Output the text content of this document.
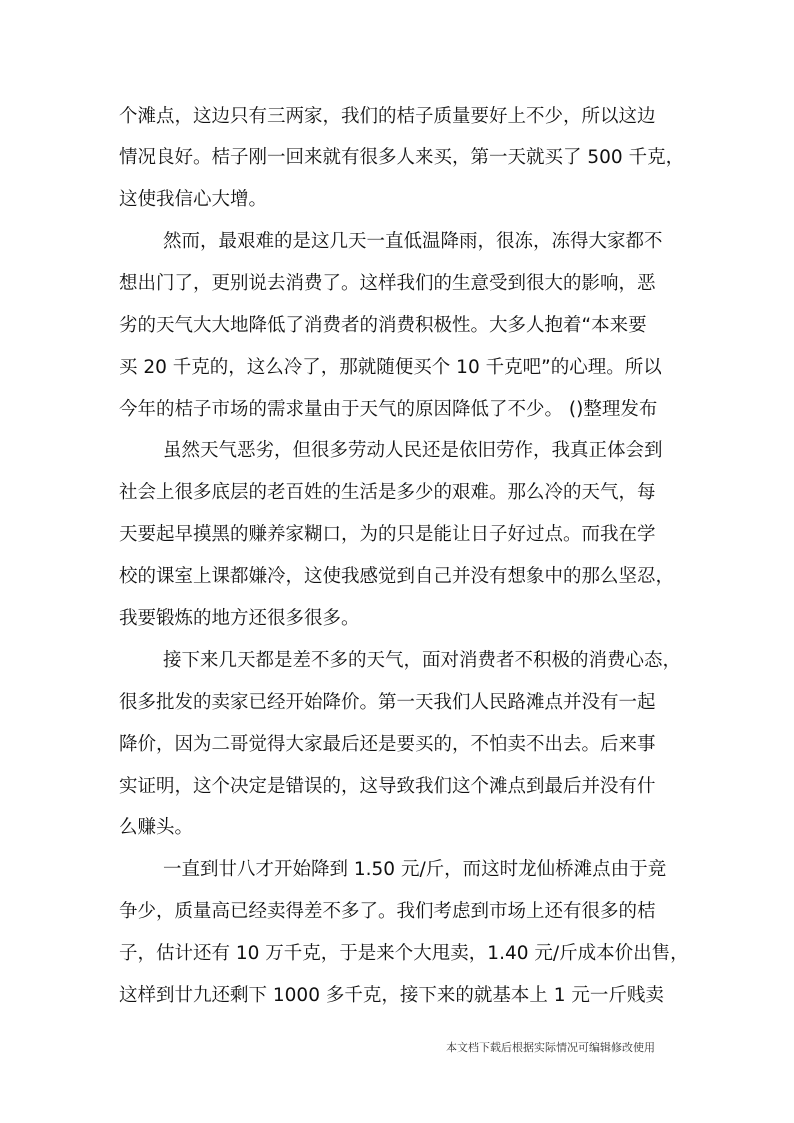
个滩点，这边只有三两家，我们的桔子质量要好上不少，所以这边
情况良好。桔子刚一回来就有很多人来买，第一天就买了 500 千克，
这使我信心大增。
然而，最艰难的是这几天一直低温降雨，很冻，冻得大家都不
想出门了，更别说去消费了。这样我们的生意受到很大的影响，恶
劣的天气大大地降低了消费者的消费积极性。大多人抱着“本来要
买 20 千克的，这么冷了，那就随便买个 10 千克吧”的心理。所以
今年的桔子市场的需求量由于天气的原因降低了不少。 ()整理发布
虽然天气恶劣，但很多劳动人民还是依旧劳作，我真正体会到
社会上很多底层的老百姓的生活是多少的艰难。那么冷的天气，每
天要起早摸黑的赚养家糊口，为的只是能让日子好过点。而我在学
校的课室上课都嫌冷，这使我感觉到自己并没有想象中的那么坚忍，
我要锻炼的地方还很多很多。
接下来几天都是差不多的天气，面对消费者不积极的消费心态，
很多批发的卖家已经开始降价。第一天我们人民路滩点并没有一起
降价，因为二哥觉得大家最后还是要买的，不怕卖不出去。后来事
实证明，这个决定是错误的，这导致我们这个滩点到最后并没有什
么赚头。
一直到廿八才开始降到 1.50 元/斤，而这时龙仙桥滩点由于竞
争少，质量高已经卖得差不多了。我们考虑到市场上还有很多的桔
子，估计还有 10 万千克，于是来个大甩卖，1.40 元/斤成本价出售，
这样到廿九还剩下 1000 多千克，接下来的就基本上 1 元一斤贱卖
本文档下载后根据实际情况可编辑修改使用
